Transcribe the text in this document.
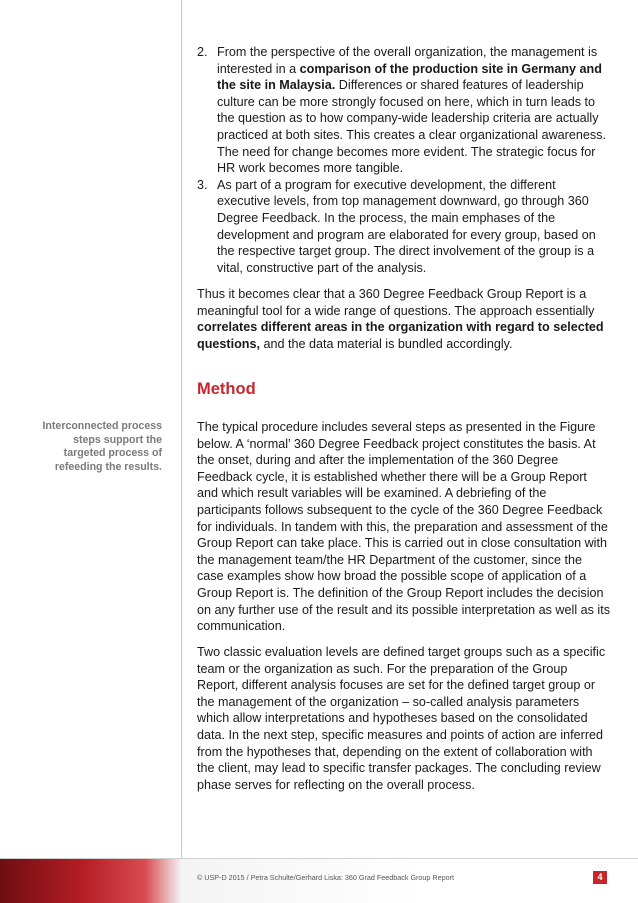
2. From the perspective of the overall organization, the management is interested in a comparison of the production site in Germany and the site in Malaysia. Differences or shared features of leadership culture can be more strongly focused on here, which in turn leads to the question as to how company-wide leadership criteria are actually practiced at both sites. This creates a clear organizational awareness. The need for change becomes more evident. The strategic focus for HR work becomes more tangible.
3. As part of a program for executive development, the different executive levels, from top management downward, go through 360 Degree Feedback. In the process, the main emphases of the development and program are elaborated for every group, based on the respective target group. The direct involvement of the group is a vital, constructive part of the analysis.

Thus it becomes clear that a 360 Degree Feedback Group Report is a meaningful tool for a wide range of questions. The approach essentially correlates different areas in the organization with regard to selected questions, and the data material is bundled accordingly.

Method
Interconnected process steps support the targeted process of refeeding the results.

The typical procedure includes several steps as presented in the Figure below. A ‘normal’ 360 Degree Feedback project constitutes the basis. At the onset, during and after the implementation of the 360 Degree Feedback cycle, it is established whether there will be a Group Report and which result variables will be examined. A debriefing of the participants follows subsequent to the cycle of the 360 Degree Feedback for individuals. In tandem with this, the preparation and assessment of the Group Report can take place. This is carried out in close consultation with the management team/the HR Department of the customer, since the case examples show how broad the possible scope of application of a Group Report is. The definition of the Group Report includes the decision on any further use of the result and its possible interpretation as well as its communication.

Two classic evaluation levels are defined target groups such as a specific team or the organization as such. For the preparation of the Group Report, different analysis focuses are set for the defined target group or the management of the organization – so-called analysis parameters which allow interpretations and hypotheses based on the consolidated data. In the next step, specific measures and points of action are inferred from the hypotheses that, depending on the extent of collaboration with the client, may lead to specific transfer packages. The concluding review phase serves for reflecting on the overall process.

© USP-D 2015 / Petra Schulte/Gerhard Liska: 360 Grad Feedback Group Report	4
